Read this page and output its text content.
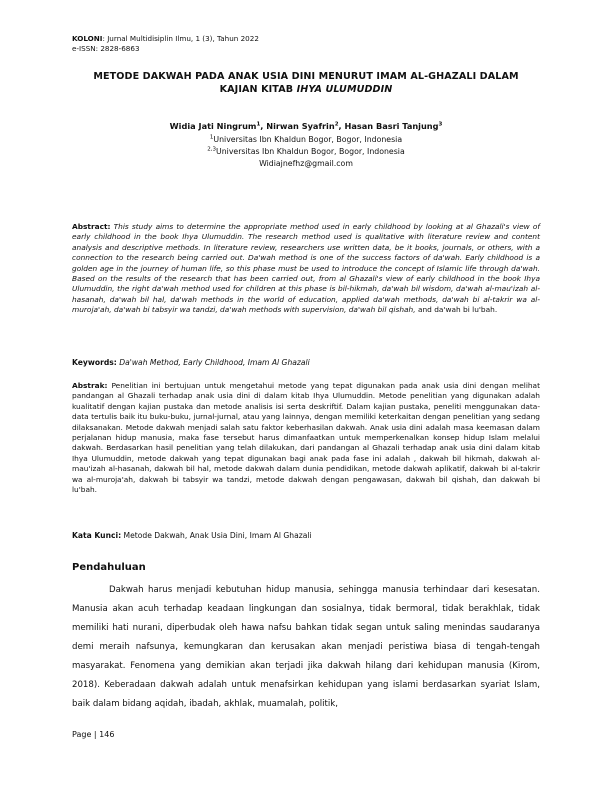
KOLONI: Jurnal Multidisiplin Ilmu, 1 (3), Tahun 2022
e-ISSN: 2828-6863
METODE DAKWAH PADA ANAK USIA DINI MENURUT IMAM AL-GHAZALI DALAM
KAJIAN KITAB IHYA ULUMUDDIN
Widia Jati Ningrum$^1$, Nirwan Syafrin$^2$, Hasan Basri Tanjung$^3$
$^1$Universitas Ibn Khaldun Bogor, Bogor, Indonesia
$^{2,3}$Universitas Ibn Khaldun Bogor, Bogor, Indonesia
Widiajnefhz@gmail.com
Abstract: This study aims to determine the appropriate method used in early childhood by looking at al Ghazali's view of early childhood in the book Ihya Ulumuddin. The research method used is qualitative with literature review and content analysis and descriptive methods. In literature review, researchers use written data, be it books, journals, or others, with a connection to the research being carried out. Da'wah method is one of the success factors of da'wah. Early childhood is a golden age in the journey of human life, so this phase must be used to introduce the concept of Islamic life through da'wah. Based on the results of the research that has been carried out, from al Ghazali's view of early childhood in the book Ihya Ulumuddin, the right da'wah method used for children at this phase is bil-hikmah, da'wah bil wisdom, da'wah al-mau'izah al-hasanah, da'wah bil hal, da'wah methods in the world of education, applied da'wah methods, da'wah bi al-takrir wa al-muroja'ah, da'wah bi tabsyir wa tandzi, da'wah methods with supervision, da'wah bil qishah, and da'wah bi lu'bah.
Keywords: Da'wah Method, Early Childhood, Imam Al Ghazali
Abstrak: Penelitian ini bertujuan untuk mengetahui metode yang tepat digunakan pada anak usia dini dengan melihat pandangan al Ghazali terhadap anak usia dini di dalam kitab Ihya Ulumuddin. Metode penelitian yang digunakan adalah kualitatif dengan kajian pustaka dan metode analisis isi serta deskriftif. Dalam kajian pustaka, peneliti menggunakan data-data tertulis baik itu buku-buku, jurnal-jurnal, atau yang lainnya, dengan memiliki keterkaitan dengan penelitian yang sedang dilaksanakan. Metode dakwah menjadi salah satu faktor keberhasilan dakwah. Anak usia dini adalah masa keemasan dalam perjalanan hidup manusia, maka fase tersebut harus dimanfaatkan untuk memperkenalkan konsep hidup Islam melalui dakwah. Berdasarkan hasil penelitian yang telah dilakukan, dari pandangan al Ghazali terhadap anak usia dini dalam kitab Ihya Ulumuddin, metode dakwah yang tepat digunakan bagi anak pada fase ini adalah , dakwah bil hikmah, dakwah al-mau'izah al-hasanah, dakwah bil hal, metode dakwah dalam dunia pendidikan, metode dakwah aplikatif, dakwah bi al-takrir wa al-muroja'ah, dakwah bi tabsyir wa tandzi, metode dakwah dengan pengawasan, dakwah bil qishah, dan dakwah bi lu'bah.
Kata Kunci: Metode Dakwah, Anak Usia Dini, Imam Al Ghazali
Pendahuluan

Dakwah harus menjadi kebutuhan hidup manusia, sehingga manusia terhindaar dari kesesatan. Manusia akan acuh terhadap keadaan lingkungan dan sosialnya, tidak bermoral, tidak berakhlak, tidak memiliki hati nurani, diperbudak oleh hawa nafsu bahkan tidak segan untuk saling menindas saudaranya demi meraih nafsunya, kemungkaran dan kerusakan akan menjadi peristiwa biasa di tengah-tengah masyarakat. Fenomena yang demikian akan terjadi jika dakwah hilang dari kehidupan manusia (Kirom, 2018). Keberadaan dakwah adalah untuk menafsirkan kehidupan yang islami berdasarkan syariat Islam, baik dalam bidang aqidah, ibadah, akhlak, muamalah, politik,

Page | 146
